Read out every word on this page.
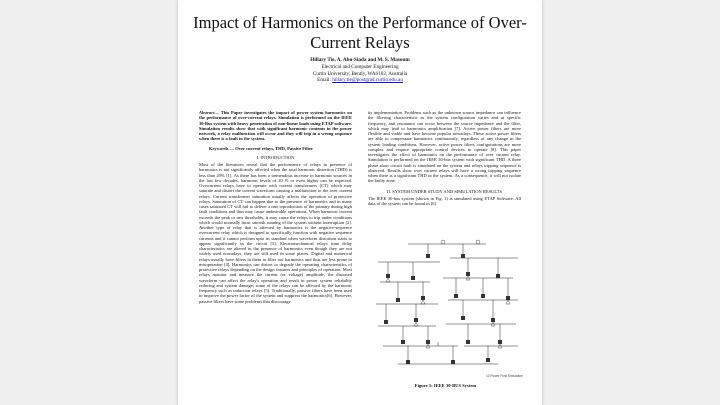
Impact of Harmonics on the Performance of Over-Current Relays
Hillary Tie, A. Abu-Siada and M. S. Masoum
Electrical and Computer Engineering
Curtin University, Bently, WA6102, Australia
Email: hillary.tie@postgrad.curtin.edu.au

Abstract— This Paper investigates the impact of power system harmonics on the performance of over-current relays. Simulation is performed on the IEEE 30-Bus system with heavy penetration of non-linear loads using ETAP software. Simulation results show that with significant harmonic contents in the power network, a relay malfunction will occur and they will trip in a wrong sequence when there is a fault in the system.

Keywords — Over current relays, THD, Passive Filter

I. INTRODUCTION

Most of the literatures reveal that the performance of relays in presence of harmonics is not significantly affected when the total harmonic distortion (THD) is less than 20% [1]. As there has been a tremendous increase in harmonic sources in the last few decades, harmonic levels of 20 % or even higher can be expected. Overcurrent relays have to operate with current transformers (CT) which may saturate and distort the current waveform causing a malfunction to the over current relays. Current transformer saturation usually affects the operation of protective relays. Saturation of CT can happen due to the presence of harmonics and in many cases saturated CT will fail to deliver a true reproduction of the primary during high fault conditions and thus may cause undesirable operations. When harmonic current exceeds the peak or rms thresholds, it may cause the relays to trip under conditions which would normally incur smooth running of the system without interruption [2]. Another type of relay that is affected by harmonics is the negative-sequence overcurrent relay which is designed to specifically function with negative sequence currents and it cannot perform upto its standard when waveform distortion starts to appear significantly in the circuit [3]. Electromechanical relays time delay characteristics are altered in the presence of harmonics even though they are not widely used nowadays, they are still used in some places. Digital and numerical relays usually have filters in them to filter out harmonics and thus are less prone to misoperation [4]. Harmonics can distort or degrade the operating characteristics of protective relays depending on the design features and principles of operation. Most relays monitor and measure the current (or voltage) amplitude, the distorted waveform can affect the relay's operation and result in power system reliability reducing and system damage; some of the relays can be affected by the harmonic frequency such as induction relays [5]. Traditionally, passive filters have been used to improve the power factor of the system and suppress the harmonics[6]. However, passive filters have some problems that discourage

its implementation. Problems such as the unknown source impedance can influence the filtering characteristic as the system configuration varies and at specific frequency, anti resonance can occur between the source impedance and the filter, which may lead to harmonics amplification [7]. Active power filters are more flexible and viable and have become popular nowadays. These active power filters are able to compensate harmonics continuously, regardless of any change in the system loading conditions. However, active power filters configurations are more complex and require appropriate control devices to operate [8]. This paper investigates the effect of harmonics on the performance of over current relay. Simulation is performed on the IEEE 30-bus system with significant THD. A three phase short circuit fault is simulated on the system and relays tripping sequence is observed. Results show over current relays will have a wrong tripping sequence when there is a significant THD in the system. As a consequence, it will not isolate the faulty zone.

II. SYSTEM UNDER STUDY AND SIMULATION RESULTS

The IEEE 30-bus system (shown in Fig. 1) is simulated using ETAP Software. All data of the system can be found in [6].

10 Power Flow Simulation
Figure 1: IEEE 30-BUS System
